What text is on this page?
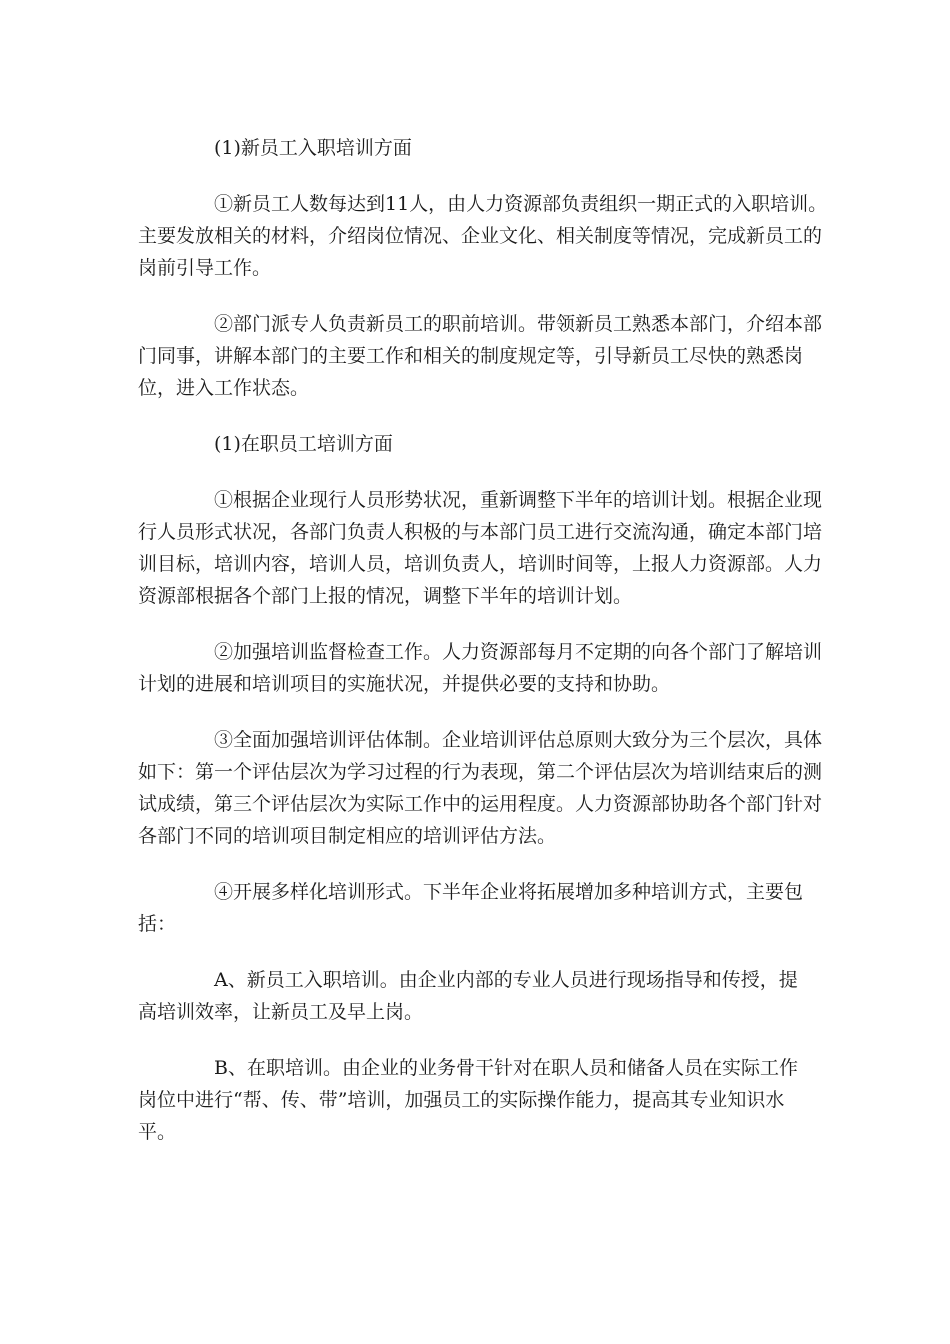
(1)新员工入职培训方面

①新员工人数每达到11人，由人力资源部负责组织一期正式的入职培训。主要发放相关的材料，介绍岗位情况、企业文化、相关制度等情况，完成新员工的岗前引导工作。

②部门派专人负责新员工的职前培训。带领新员工熟悉本部门，介绍本部门同事，讲解本部门的主要工作和相关的制度规定等，引导新员工尽快的熟悉岗位，进入工作状态。

(1)在职员工培训方面

①根据企业现行人员形势状况，重新调整下半年的培训计划。根据企业现行人员形式状况，各部门负责人积极的与本部门员工进行交流沟通，确定本部门培训目标，培训内容，培训人员，培训负责人，培训时间等，上报人力资源部。人力资源部根据各个部门上报的情况，调整下半年的培训计划。

②加强培训监督检查工作。人力资源部每月不定期的向各个部门了解培训计划的进展和培训项目的实施状况，并提供必要的支持和协助。

③全面加强培训评估体制。企业培训评估总原则大致分为三个层次，具体如下：第一个评估层次为学习过程的行为表现，第二个评估层次为培训结束后的测试成绩，第三个评估层次为实际工作中的运用程度。人力资源部协助各个部门针对各部门不同的培训项目制定相应的培训评估方法。

④开展多样化培训形式。下半年企业将拓展增加多种培训方式，主要包括：

A、新员工入职培训。由企业内部的专业人员进行现场指导和传授，提高培训效率，让新员工及早上岗。

B、在职培训。由企业的业务骨干针对在职人员和储备人员在实际工作岗位中进行“帮、传、带”培训，加强员工的实际操作能力，提高其专业知识水平。
